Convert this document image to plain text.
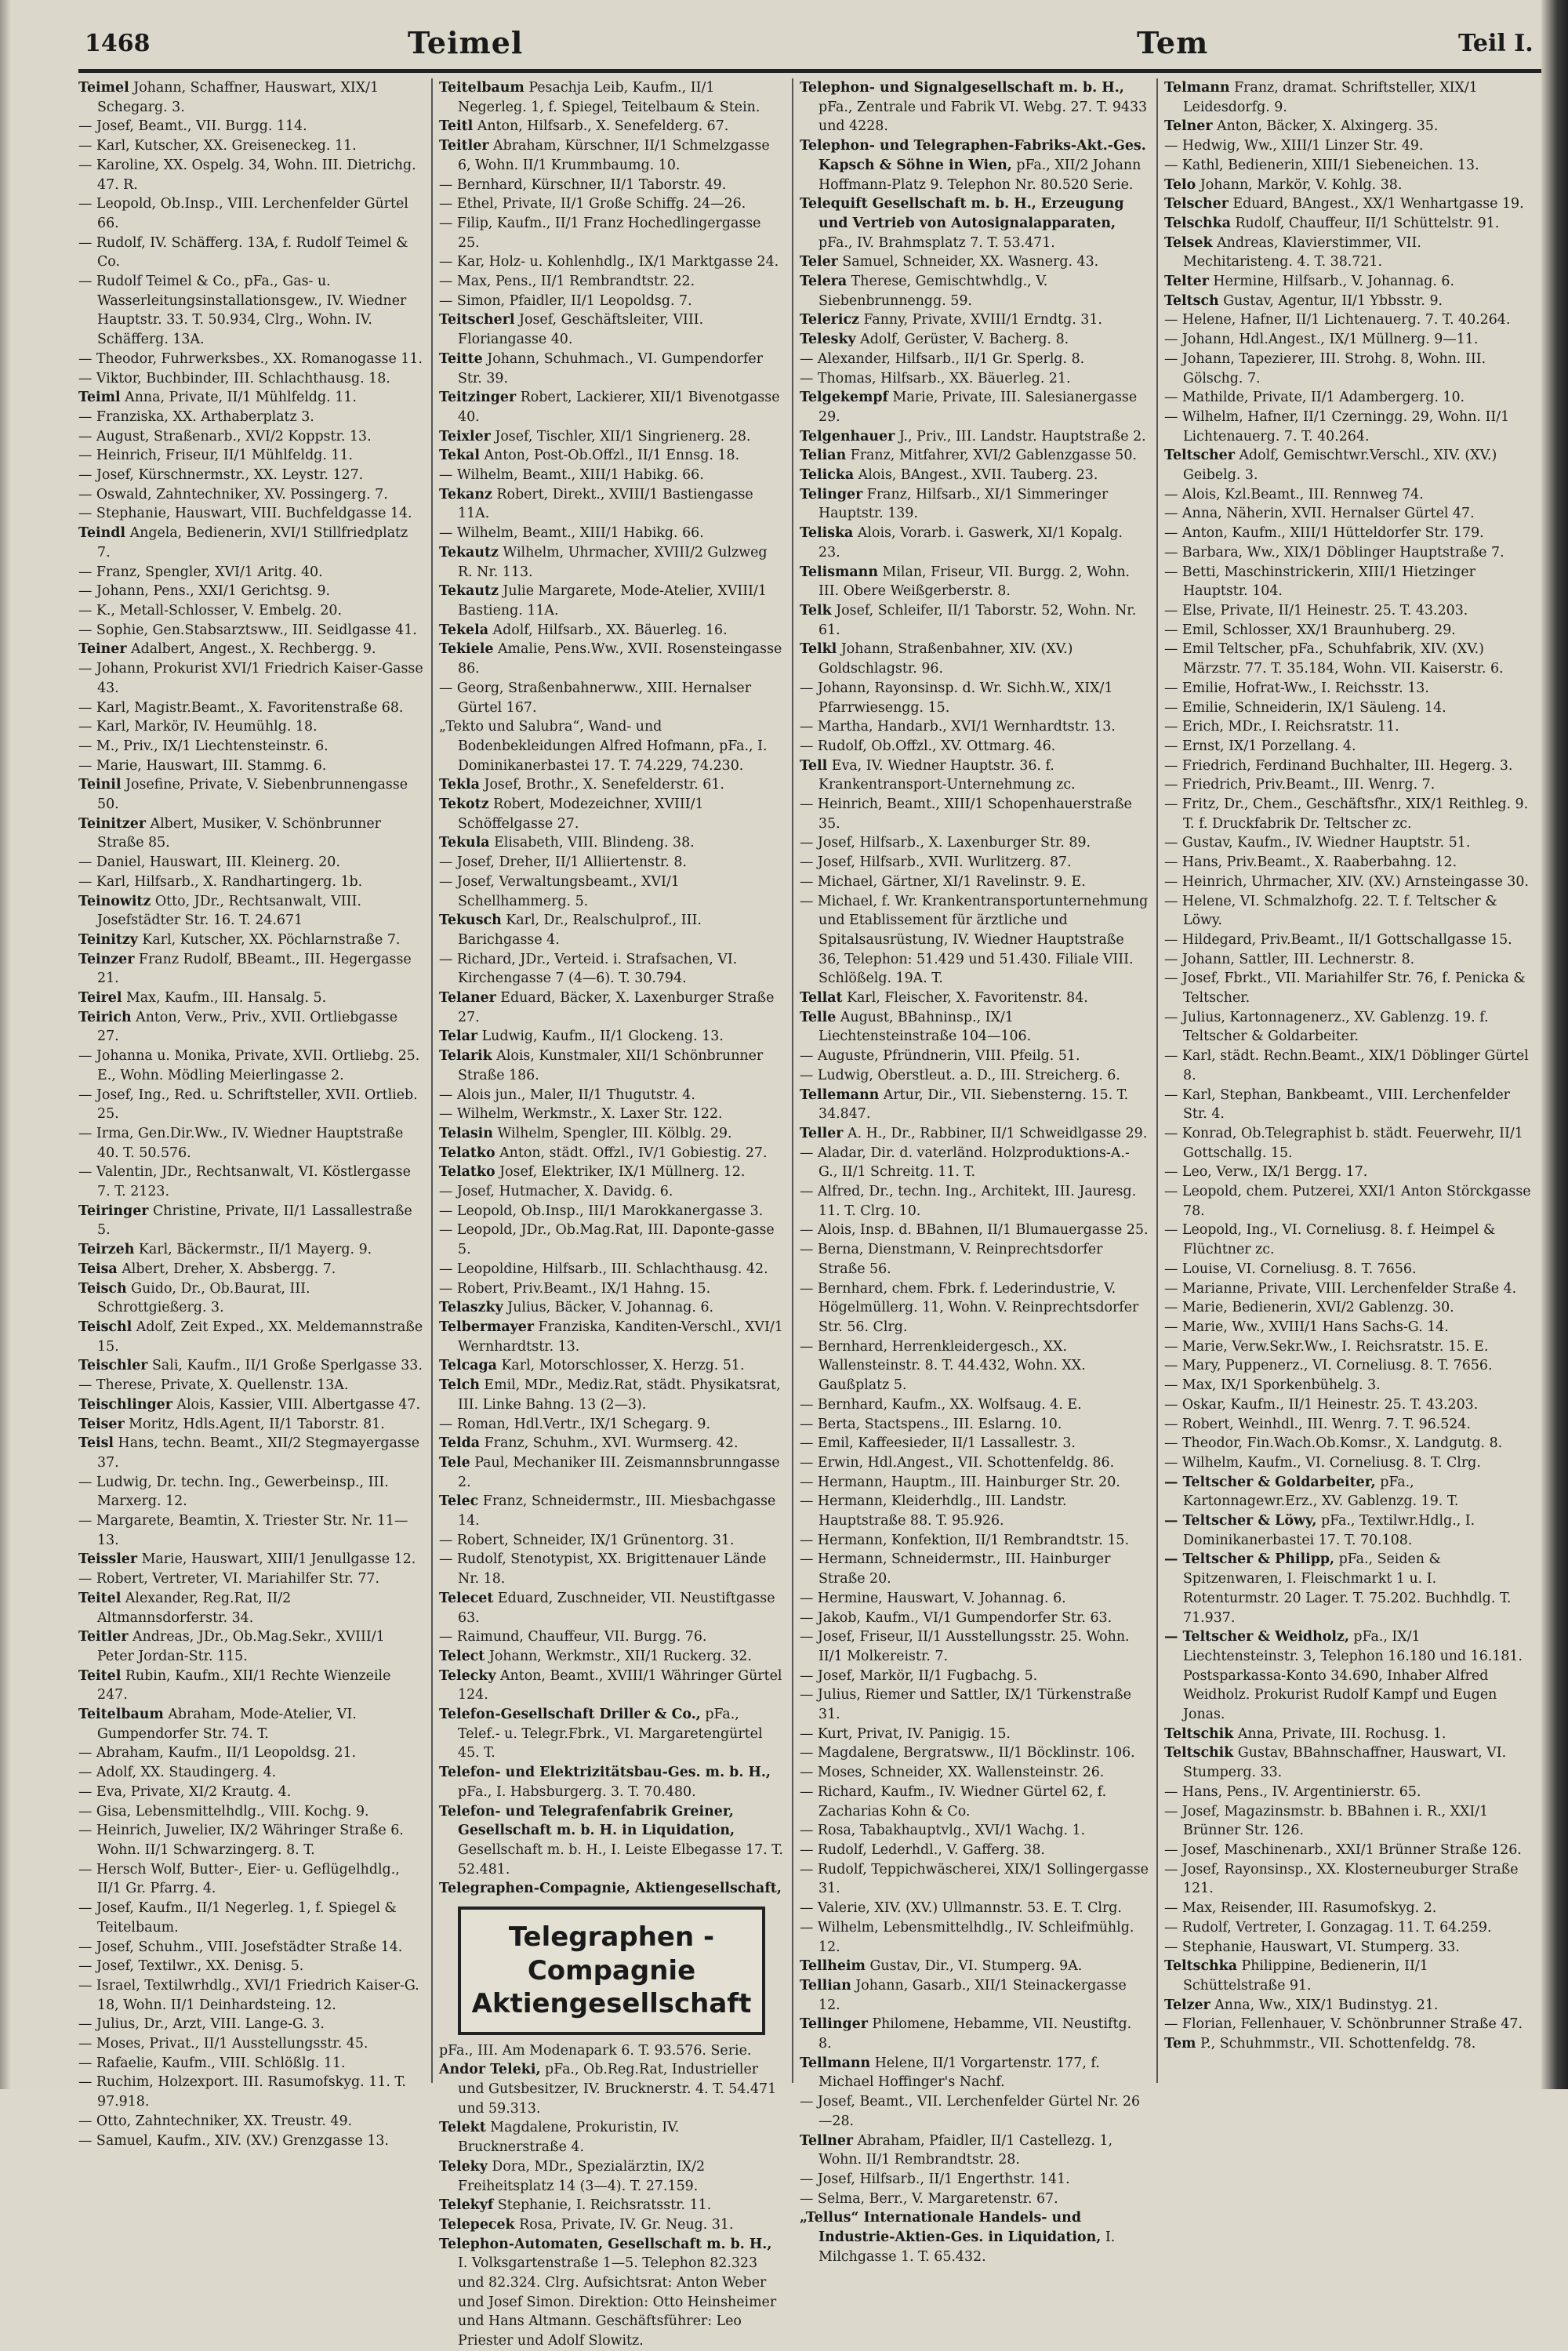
1468	Teimel	Tem	Teil I.

Teimel Johann, Schaffner, Hauswart, XIX/1 Schegarg. 3.

— Josef, Beamt., VII. Burgg. 114.

— Karl, Kutscher, XX. Greiseneckeg. 11.

— Karoline, XX. Ospelg. 34, Wohn. III. Dietrichg. 47. R.

— Leopold, Ob.Insp., VIII. Lerchenfelder Gürtel 66.

— Rudolf, IV. Schäfferg. 13A, f. Rudolf Teimel & Co.

— Rudolf Teimel & Co., pFa., Gas- u. Wasserleitungsinstallationsgew., IV. Wiedner Hauptstr. 33. T. 50.934, Clrg., Wohn. IV. Schäfferg. 13A.

— Theodor, Fuhrwerksbes., XX. Romanogasse 11.

— Viktor, Buchbinder, III. Schlachthausg. 18.

Teiml Anna, Private, II/1 Mühlfeldg. 11.

— Franziska, XX. Arthaberplatz 3.

— August, Straßenarb., XVI/2 Koppstr. 13.

— Heinrich, Friseur, II/1 Mühlfeldg. 11.

— Josef, Kürschnermstr., XX. Leystr. 127.

— Oswald, Zahntechniker, XV. Possingerg. 7.

— Stephanie, Hauswart, VIII. Buchfeldgasse 14.

Teindl Angela, Bedienerin, XVI/1 Stillfriedplatz 7.

— Franz, Spengler, XVI/1 Aritg. 40.

— Johann, Pens., XXI/1 Gerichtsg. 9.

— K., Metall-Schlosser, V. Embelg. 20.

— Sophie, Gen.Stabsarztsww., III. Seidlgasse 41.

Teiner Adalbert, Angest., X. Rechbergg. 9.

— Johann, Prokurist XVI/1 Friedrich Kaiser-Gasse 43.

— Karl, Magistr.Beamt., X. Favoritenstraße 68.

— Karl, Markör, IV. Heumühlg. 18.

— M., Priv., IX/1 Liechtensteinstr. 6.

— Marie, Hauswart, III. Stammg. 6.

Teinil Josefine, Private, V. Siebenbrunnengasse 50.

Teinitzer Albert, Musiker, V. Schönbrunner Straße 85.

— Daniel, Hauswart, III. Kleinerg. 20.

— Karl, Hilfsarb., X. Randhartingerg. 1b.

Teinowitz Otto, JDr., Rechtsanwalt, VIII. Josefstädter Str. 16. T. 24.671

Teinitzy Karl, Kutscher, XX. Pöchlarnstraße 7.

Teinzer Franz Rudolf, BBeamt., III. Hegergasse 21.

Teirel Max, Kaufm., III. Hansalg. 5.

Teirich Anton, Verw., Priv., XVII. Ortliebgasse 27.

— Johanna u. Monika, Private, XVII. Ortliebg. 25. E., Wohn. Mödling Meierlingasse 2.

— Josef, Ing., Red. u. Schriftsteller, XVII. Ortlieb. 25.

— Irma, Gen.Dir.Ww., IV. Wiedner Hauptstraße 40. T. 50.576.

— Valentin, JDr., Rechtsanwalt, VI. Köstlergasse 7. T. 2123.

Teiringer Christine, Private, II/1 Lassallestraße 5.

Teirzeh Karl, Bäckermstr., II/1 Mayerg. 9.

Teisa Albert, Dreher, X. Absbergg. 7.

Teisch Guido, Dr., Ob.Baurat, III. Schrottgießerg. 3.

Teischl Adolf, Zeit Exped., XX. Meldemannstraße 15.

Teischler Sali, Kaufm., II/1 Große Sperlgasse 33.

— Therese, Private, X. Quellenstr. 13A.

Teischlinger Alois, Kassier, VIII. Albertgasse 47.

Teiser Moritz, Hdls.Agent, II/1 Taborstr. 81.

Teisl Hans, techn. Beamt., XII/2 Stegmayergasse 37.

— Ludwig, Dr. techn. Ing., Gewerbeinsp., III. Marxerg. 12.

— Margarete, Beamtin, X. Triester Str. Nr. 11—13.

Teissler Marie, Hauswart, XIII/1 Jenullgasse 12.

— Robert, Vertreter, VI. Mariahilfer Str. 77.

Teitel Alexander, Reg.Rat, II/2 Altmannsdorferstr. 34.

Teitler Andreas, JDr., Ob.Mag.Sekr., XVIII/1 Peter Jordan-Str. 115.

Teitel Rubin, Kaufm., XII/1 Rechte Wienzeile 247.

Teitelbaum Abraham, Mode-Atelier, VI. Gumpendorfer Str. 74. T.

— Abraham, Kaufm., II/1 Leopoldsg. 21.

— Adolf, XX. Staudingerg. 4.

— Eva, Private, XI/2 Krautg. 4.

— Gisa, Lebensmittelhdlg., VIII. Kochg. 9.

— Heinrich, Juwelier, IX/2 Währinger Straße 6. Wohn. II/1 Schwarzingerg. 8. T.

— Hersch Wolf, Butter-, Eier- u. Geflügelhdlg., II/1 Gr. Pfarrg. 4.

— Josef, Kaufm., II/1 Negerleg. 1, f. Spiegel & Teitelbaum.

— Josef, Schuhm., VIII. Josefstädter Straße 14.

— Josef, Textilwr., XX. Denisg. 5.

— Israel, Textilwrhdlg., XVI/1 Friedrich Kaiser-G. 18, Wohn. II/1 Deinhardsteing. 12.

— Julius, Dr., Arzt, VIII. Lange-G. 3.

— Moses, Privat., II/1 Ausstellungsstr. 45.

— Rafaelie, Kaufm., VIII. Schlößlg. 11.

— Ruchim, Holzexport. III. Rasumofskyg. 11. T. 97.918.

— Otto, Zahntechniker, XX. Treustr. 49.

— Samuel, Kaufm., XIV. (XV.) Grenzgasse 13.

Teitelbaum Pesachja Leib, Kaufm., II/1 Negerleg. 1, f. Spiegel, Teitelbaum & Stein.

Teitl Anton, Hilfsarb., X. Senefelderg. 67.

Teitler Abraham, Kürschner, II/1 Schmelzgasse 6, Wohn. II/1 Krummbaumg. 10.

— Bernhard, Kürschner, II/1 Taborstr. 49.

— Ethel, Private, II/1 Große Schiffg. 24—26.

— Filip, Kaufm., II/1 Franz Hochedlingergasse 25.

— Kar, Holz- u. Kohlenhdlg., IX/1 Marktgasse 24.

— Max, Pens., II/1 Rembrandtstr. 22.

— Simon, Pfaidler, II/1 Leopoldsg. 7.

Teitscherl Josef, Geschäftsleiter, VIII. Floriangasse 40.

Teitte Johann, Schuhmach., VI. Gumpendorfer Str. 39.

Teitzinger Robert, Lackierer, XII/1 Bivenotgasse 40.

Teixler Josef, Tischler, XII/1 Singrienerg. 28.

Tekal Anton, Post-Ob.Offzl., II/1 Ennsg. 18.

— Wilhelm, Beamt., XIII/1 Habikg. 66.

Tekanz Robert, Direkt., XVIII/1 Bastiengasse 11A.

— Wilhelm, Beamt., XIII/1 Habikg. 66.

Tekautz Wilhelm, Uhrmacher, XVIII/2 Gulzweg R. Nr. 113.

Tekautz Julie Margarete, Mode-Atelier, XVIII/1 Bastieng. 11A.

Tekela Adolf, Hilfsarb., XX. Bäuerleg. 16.

Tekiele Amalie, Pens.Ww., XVII. Rosensteingasse 86.

— Georg, Straßenbahnerww., XIII. Hernalser Gürtel 167.

„Tekto und Salubra“, Wand- und Bodenbekleidungen Alfred Hofmann, pFa., I. Dominikanerbastei 17. T. 74.229, 74.230.

Tekla Josef, Brothr., X. Senefelderstr. 61.

Tekotz Robert, Modezeichner, XVIII/1 Schöffelgasse 27.

Tekula Elisabeth, VIII. Blindeng. 38.

— Josef, Dreher, II/1 Alliiertenstr. 8.

— Josef, Verwaltungsbeamt., XVI/1 Schellhammerg. 5.

Tekusch Karl, Dr., Realschulprof., III. Barichgasse 4.

— Richard, JDr., Verteid. i. Strafsachen, VI. Kirchengasse 7 (4—6). T. 30.794.

Telaner Eduard, Bäcker, X. Laxenburger Straße 27.

Telar Ludwig, Kaufm., II/1 Glockeng. 13.

Telarik Alois, Kunstmaler, XII/1 Schönbrunner Straße 186.

— Alois jun., Maler, II/1 Thugutstr. 4.

— Wilhelm, Werkmstr., X. Laxer Str. 122.

Telasin Wilhelm, Spengler, III. Kölblg. 29.

Telatko Anton, städt. Offzl., IV/1 Gobiestig. 27.

Telatko Josef, Elektriker, IX/1 Müllnerg. 12.

— Josef, Hutmacher, X. Davidg. 6.

— Leopold, Ob.Insp., III/1 Marokkanergasse 3.

— Leopold, JDr., Ob.Mag.Rat, III. Daponte-gasse 5.

— Leopoldine, Hilfsarb., III. Schlachthausg. 42.

— Robert, Priv.Beamt., IX/1 Hahng. 15.

Telaszky Julius, Bäcker, V. Johannag. 6.

Telbermayer Franziska, Kanditen-Verschl., XVI/1 Wernhardtstr. 13.

Telcaga Karl, Motorschlosser, X. Herzg. 51.

Telch Emil, MDr., Mediz.Rat, städt. Physikatsrat, III. Linke Bahng. 13 (2—3).

— Roman, Hdl.Vertr., IX/1 Schegarg. 9.

Telda Franz, Schuhm., XVI. Wurmserg. 42.

Tele Paul, Mechaniker III. Zeismannsbrunngasse 2.

Telec Franz, Schneidermstr., III. Miesbachgasse 14.

— Robert, Schneider, IX/1 Grünentorg. 31.

— Rudolf, Stenotypist, XX. Brigittenauer Lände Nr. 18.

Telecet Eduard, Zuschneider, VII. Neustiftgasse 63.

— Raimund, Chauffeur, VII. Burgg. 76.

Telect Johann, Werkmstr., XII/1 Ruckerg. 32.

Telecky Anton, Beamt., XVIII/1 Währinger Gürtel 124.

Telefon-Gesellschaft Driller & Co., pFa., Telef.- u. Telegr.Fbrk., VI. Margaretengürtel 45. T.

Telefon- und Elektrizitätsbau-Ges. m. b. H., pFa., I. Habsburgerg. 3. T. 70.480.

Telefon- und Telegrafenfabrik Greiner, Gesellschaft m. b. H. in Liquidation, Gesellschaft m. b. H., I. Leiste Elbegasse 17. T. 52.481.

Telegraphen-Compagnie, Aktiengesellschaft,

Telegraphen - Compagnie
Aktiengesellschaft

pFa., III. Am Modenapark 6. T. 93.576. Serie.

Andor Teleki, pFa., Ob.Reg.Rat, Industrieller und Gutsbesitzer, IV. Brucknerstr. 4. T. 54.471 und 59.313.

Telekt Magdalene, Prokuristin, IV. Brucknerstraße 4.

Teleky Dora, MDr., Spezialärztin, IX/2 Freiheitsplatz 14 (3—4). T. 27.159.

Telekyf Stephanie, I. Reichsratsstr. 11.

Telepecek Rosa, Private, IV. Gr. Neug. 31.

Telephon-Automaten, Gesellschaft m. b. H., I. Volksgartenstraße 1—5. Telephon 82.323 und 82.324. Clrg. Aufsichtsrat: Anton Weber und Josef Simon. Direktion: Otto Heinsheimer und Hans Altmann. Geschäftsführer: Leo Priester und Adolf Slowitz.

Telephon- und Signalgesellschaft m. b. H., pFa., Zentrale und Fabrik VI. Webg. 27. T. 9433 und 4228.

Telephon- und Telegraphen-Fabriks-Akt.-Ges. Kapsch & Söhne in Wien, pFa., XII/2 Johann Hoffmann-Platz 9. Telephon Nr. 80.520 Serie.

Telequift Gesellschaft m. b. H., Erzeugung und Vertrieb von Autosignalapparaten, pFa., IV. Brahmsplatz 7. T. 53.471.

Teler Samuel, Schneider, XX. Wasnerg. 43.

Telera Therese, Gemischtwhdlg., V. Siebenbrunnengg. 59.

Telericz Fanny, Private, XVIII/1 Erndtg. 31.

Telesky Adolf, Gerüster, V. Bacherg. 8.

— Alexander, Hilfsarb., II/1 Gr. Sperlg. 8.

— Thomas, Hilfsarb., XX. Bäuerleg. 21.

Telgekempf Marie, Private, III. Salesianergasse 29.

Telgenhauer J., Priv., III. Landstr. Hauptstraße 2.

Telian Franz, Mitfahrer, XVI/2 Gablenzgasse 50.

Telicka Alois, BAngest., XVII. Tauberg. 23.

Telinger Franz, Hilfsarb., XI/1 Simmeringer Hauptstr. 139.

Teliska Alois, Vorarb. i. Gaswerk, XI/1 Kopalg. 23.

Telismann Milan, Friseur, VII. Burgg. 2, Wohn. III. Obere Weißgerberstr. 8.

Telk Josef, Schleifer, II/1 Taborstr. 52, Wohn. Nr. 61.

Telkl Johann, Straßenbahner, XIV. (XV.) Goldschlagstr. 96.

— Johann, Rayonsinsp. d. Wr. Sichh.W., XIX/1 Pfarrwiesengg. 15.

— Martha, Handarb., XVI/1 Wernhardtstr. 13.

— Rudolf, Ob.Offzl., XV. Ottmarg. 46.

Tell Eva, IV. Wiedner Hauptstr. 36. f. Krankentransport-Unternehmung zc.

— Heinrich, Beamt., XIII/1 Schopenhauerstraße 35.

— Josef, Hilfsarb., X. Laxenburger Str. 89.

— Josef, Hilfsarb., XVII. Wurlitzerg. 87.

— Michael, Gärtner, XI/1 Ravelinstr. 9. E.

— Michael, f. Wr. Krankentransportunternehmung und Etablissement für ärztliche und Spitalsausrüstung, IV. Wiedner Hauptstraße 36, Telephon: 51.429 und 51.430. Filiale VIII. Schlößelg. 19A. T.

Tellat Karl, Fleischer, X. Favoritenstr. 84.

Telle August, BBahninsp., IX/1 Liechtensteinstraße 104—106.

— Auguste, Pfründnerin, VIII. Pfeilg. 51.

— Ludwig, Oberstleut. a. D., III. Streicherg. 6.

Tellemann Artur, Dir., VII. Siebensterng. 15. T. 34.847.

Teller A. H., Dr., Rabbiner, II/1 Schweidlgasse 29.

— Aladar, Dir. d. vaterländ. Holzproduktions-A.-G., II/1 Schreitg. 11. T.

— Alfred, Dr., techn. Ing., Architekt, III. Jauresg. 11. T. Clrg. 10.

— Alois, Insp. d. BBahnen, II/1 Blumauergasse 25.

— Berna, Dienstmann, V. Reinprechtsdorfer Straße 56.

— Bernhard, chem. Fbrk. f. Lederindustrie, V. Högelmüllerg. 11, Wohn. V. Reinprechtsdorfer Str. 56. Clrg.

— Bernhard, Herrenkleidergesch., XX. Wallensteinstr. 8. T. 44.432, Wohn. XX. Gaußplatz 5.

— Bernhard, Kaufm., XX. Wolfsaug. 4. E.

— Berta, Stactspens., III. Eslarng. 10.

— Emil, Kaffeesieder, II/1 Lassallestr. 3.

— Erwin, Hdl.Angest., VII. Schottenfeldg. 86.

— Hermann, Hauptm., III. Hainburger Str. 20.

— Hermann, Kleiderhdlg., III. Landstr. Hauptstraße 88. T. 95.926.

— Hermann, Konfektion, II/1 Rembrandtstr. 15.

— Hermann, Schneidermstr., III. Hainburger Straße 20.

— Hermine, Hauswart, V. Johannag. 6.

— Jakob, Kaufm., VI/1 Gumpendorfer Str. 63.

— Josef, Friseur, II/1 Ausstellungsstr. 25. Wohn. II/1 Molkereistr. 7.

— Josef, Markör, II/1 Fugbachg. 5.

— Julius, Riemer und Sattler, IX/1 Türkenstraße 31.

— Kurt, Privat, IV. Panigig. 15.

— Magdalene, Bergratsww., II/1 Böcklinstr. 106.

— Moses, Schneider, XX. Wallensteinstr. 26.

— Richard, Kaufm., IV. Wiedner Gürtel 62, f. Zacharias Kohn & Co.

— Rosa, Tabakhauptvlg., XVI/1 Wachg. 1.

— Rudolf, Lederhdl., V. Gafferg. 38.

— Rudolf, Teppichwäscherei, XIX/1 Sollingergasse 31.

— Valerie, XIV. (XV.) Ullmannstr. 53. E. T. Clrg.

— Wilhelm, Lebensmittelhdlg., IV. Schleifmühlg. 12.

Tellheim Gustav, Dir., VI. Stumperg. 9A.

Tellian Johann, Gasarb., XII/1 Steinackergasse 12.

Tellinger Philomene, Hebamme, VII. Neustiftg. 8.

Tellmann Helene, II/1 Vorgartenstr. 177, f. Michael Hoffinger's Nachf.

— Josef, Beamt., VII. Lerchenfelder Gürtel Nr. 26—28.

Tellner Abraham, Pfaidler, II/1 Castellezg. 1, Wohn. II/1 Rembrandtstr. 28.

— Josef, Hilfsarb., II/1 Engerthstr. 141.

— Selma, Berr., V. Margaretenstr. 67.

„Tellus“ Internationale Handels- und Industrie-Aktien-Ges. in Liquidation, I. Milchgasse 1. T. 65.432.

Telmann Franz, dramat. Schriftsteller, XIX/1 Leidesdorfg. 9.

Telner Anton, Bäcker, X. Alxingerg. 35.

— Hedwig, Ww., XIII/1 Linzer Str. 49.

— Kathl, Bedienerin, XIII/1 Siebeneichen. 13.

Telo Johann, Markör, V. Kohlg. 38.

Telscher Eduard, BAngest., XX/1 Wenhartgasse 19.

Telschka Rudolf, Chauffeur, II/1 Schüttelstr. 91.

Telsek Andreas, Klavierstimmer, VII. Mechitaristeng. 4. T. 38.721.

Telter Hermine, Hilfsarb., V. Johannag. 6.

Teltsch Gustav, Agentur, II/1 Ybbsstr. 9.

— Helene, Hafner, II/1 Lichtenauerg. 7. T. 40.264.

— Johann, Hdl.Angest., IX/1 Müllnerg. 9—11.

— Johann, Tapezierer, III. Strohg. 8, Wohn. III. Gölschg. 7.

— Mathilde, Private, II/1 Adambergerg. 10.

— Wilhelm, Hafner, II/1 Czerningg. 29, Wohn. II/1 Lichtenauerg. 7. T. 40.264.

Teltscher Adolf, Gemischtwr.Verschl., XIV. (XV.) Geibelg. 3.

— Alois, Kzl.Beamt., III. Rennweg 74.

— Anna, Näherin, XVII. Hernalser Gürtel 47.

— Anton, Kaufm., XIII/1 Hütteldorfer Str. 179.

— Barbara, Ww., XIX/1 Döblinger Hauptstraße 7.

— Betti, Maschinstrickerin, XIII/1 Hietzinger Hauptstr. 104.

— Else, Private, II/1 Heinestr. 25. T. 43.203.

— Emil, Schlosser, XX/1 Braunhuberg. 29.

— Emil Teltscher, pFa., Schuhfabrik, XIV. (XV.) Märzstr. 77. T. 35.184, Wohn. VII. Kaiserstr. 6.

— Emilie, Hofrat-Ww., I. Reichsstr. 13.

— Emilie, Schneiderin, IX/1 Säuleng. 14.

— Erich, MDr., I. Reichsratstr. 11.

— Ernst, IX/1 Porzellang. 4.

— Friedrich, Ferdinand Buchhalter, III. Hegerg. 3.

— Friedrich, Priv.Beamt., III. Wenrg. 7.

— Fritz, Dr., Chem., Geschäftsfhr., XIX/1 Reithleg. 9. T. f. Druckfabrik Dr. Teltscher zc.

— Gustav, Kaufm., IV. Wiedner Hauptstr. 51.

— Hans, Priv.Beamt., X. Raaberbahng. 12.

— Heinrich, Uhrmacher, XIV. (XV.) Arnsteingasse 30.

— Helene, VI. Schmalzhofg. 22. T. f. Teltscher & Löwy.

— Hildegard, Priv.Beamt., II/1 Gottschallgasse 15.

— Johann, Sattler, III. Lechnerstr. 8.

— Josef, Fbrkt., VII. Mariahilfer Str. 76, f. Penicka & Teltscher.

— Julius, Kartonnagenerz., XV. Gablenzg. 19. f. Teltscher & Goldarbeiter.

— Karl, städt. Rechn.Beamt., XIX/1 Döblinger Gürtel 8.

— Karl, Stephan, Bankbeamt., VIII. Lerchenfelder Str. 4.

— Konrad, Ob.Telegraphist b. städt. Feuerwehr, II/1 Gottschallg. 15.

— Leo, Verw., IX/1 Bergg. 17.

— Leopold, chem. Putzerei, XXI/1 Anton Störckgasse 78.

— Leopold, Ing., VI. Corneliusg. 8. f. Heimpel & Flüchtner zc.

— Louise, VI. Corneliusg. 8. T. 7656.

— Marianne, Private, VIII. Lerchenfelder Straße 4.

— Marie, Bedienerin, XVI/2 Gablenzg. 30.

— Marie, Ww., XVIII/1 Hans Sachs-G. 14.

— Marie, Verw.Sekr.Ww., I. Reichsratstr. 15. E.

— Mary, Puppenerz., VI. Corneliusg. 8. T. 7656.

— Max, IX/1 Sporkenbühelg. 3.

— Oskar, Kaufm., II/1 Heinestr. 25. T. 43.203.

— Robert, Weinhdl., III. Wenrg. 7. T. 96.524.

— Theodor, Fin.Wach.Ob.Komsr., X. Landgutg. 8.

— Wilhelm, Kaufm., VI. Corneliusg. 8. T. Clrg.

— Teltscher & Goldarbeiter, pFa., Kartonnagewr.Erz., XV. Gablenzg. 19. T.

— Teltscher & Löwy, pFa., Textilwr.Hdlg., I. Dominikanerbastei 17. T. 70.108.

— Teltscher & Philipp, pFa., Seiden & Spitzenwaren, I. Fleischmarkt 1 u. I. Rotenturmstr. 20 Lager. T. 75.202. Buchhdlg. T. 71.937.

— Teltscher & Weidholz, pFa., IX/1 Liechtensteinstr. 3, Telephon 16.180 und 16.181. Postsparkassa-Konto 34.690, Inhaber Alfred Weidholz. Prokurist Rudolf Kampf und Eugen Jonas.

Teltschik Anna, Private, III. Rochusg. 1.

Teltschik Gustav, BBahnschaffner, Hauswart, VI. Stumperg. 33.

— Hans, Pens., IV. Argentinierstr. 65.

— Josef, Magazinsmstr. b. BBahnen i. R., XXI/1 Brünner Str. 126.

— Josef, Maschinenarb., XXI/1 Brünner Straße 126.

— Josef, Rayonsinsp., XX. Klosterneuburger Straße 121.

— Max, Reisender, III. Rasumofskyg. 2.

— Rudolf, Vertreter, I. Gonzagag. 11. T. 64.259.

— Stephanie, Hauswart, VI. Stumperg. 33.

Teltschka Philippine, Bedienerin, II/1 Schüttelstraße 91.

Telzer Anna, Ww., XIX/1 Budinstyg. 21.

— Florian, Fellenhauer, V. Schönbrunner Straße 47.

Tem P., Schuhmmstr., VII. Schottenfeldg. 78.
